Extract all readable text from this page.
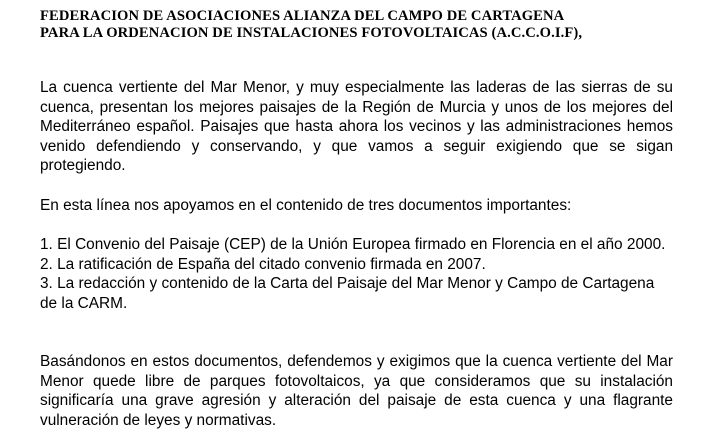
FEDERACION DE ASOCIACIONES ALIANZA DEL CAMPO DE CARTAGENA
PARA LA ORDENACION DE INSTALACIONES FOTOVOLTAICAS (A.C.C.O.I.F),

La cuenca vertiente del Mar Menor, y muy especialmente las laderas de las sierras de su cuenca, presentan los mejores paisajes de la Región de Murcia y unos de los mejores del Mediterráneo español. Paisajes que hasta ahora los vecinos y las administraciones hemos venido defendiendo y conservando, y que vamos a seguir exigiendo que se sigan protegiendo.

En esta línea nos apoyamos en el contenido de tres documentos importantes:

1. El Convenio del Paisaje (CEP) de la Unión Europea firmado en Florencia en el año 2000.
2. La ratificación de España del citado convenio firmada en 2007.
3. La redacción y contenido de la Carta del Paisaje del Mar Menor y Campo de Cartagena de la CARM.

Basándonos en estos documentos, defendemos y exigimos que la cuenca vertiente del Mar Menor quede libre de parques fotovoltaicos, ya que consideramos que su instalación significaría una grave agresión y alteración del paisaje de esta cuenca y una flagrante vulneración de leyes y normativas.
